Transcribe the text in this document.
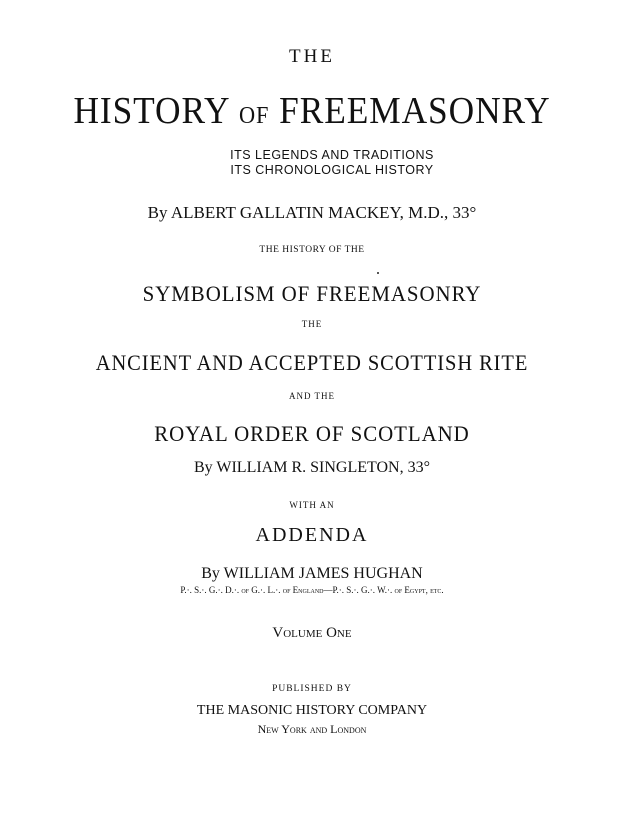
THE
HISTORY OF FREEMASONRY
ITS LEGENDS AND TRADITIONS
ITS CHRONOLOGICAL HISTORY
By ALBERT GALLATIN MACKEY, M.D., 33°
THE HISTORY OF THE
SYMBOLISM OF FREEMASONRY
THE
ANCIENT AND ACCEPTED SCOTTISH RITE
AND THE
ROYAL ORDER OF SCOTLAND
By WILLIAM R. SINGLETON, 33°
WITH AN
ADDENDA
By WILLIAM JAMES HUGHAN
P.·. S.·. G.·. D.·. of G.·. L.·. of England—P.·. S.·. G.·. W.·. of Egypt, etc.
Volume One
PUBLISHED BY
THE MASONIC HISTORY COMPANY
New York and London
